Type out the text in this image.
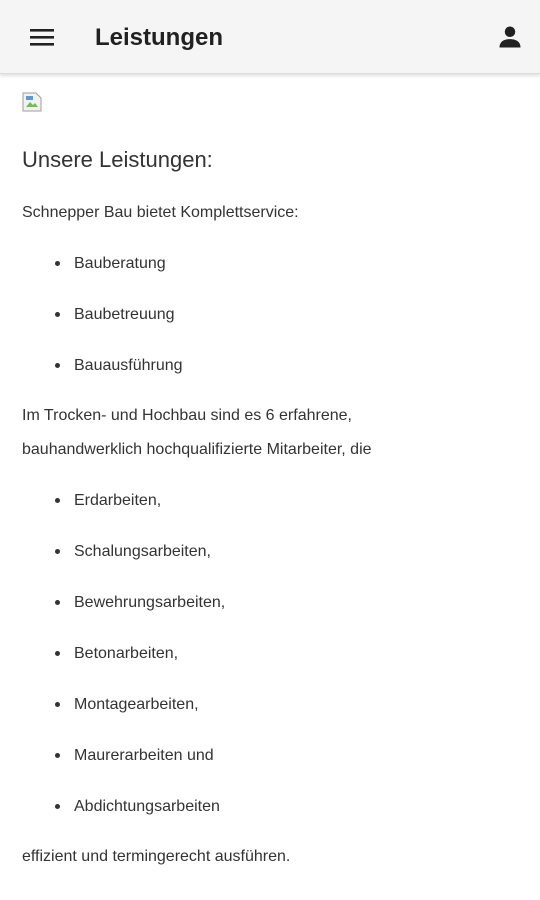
Leistungen
Unsere Leistungen:

Schnepper Bau bietet Komplettservice:

Bauberatung
Baubetreuung
Bauausführung

Im Trocken- und Hochbau sind es 6 erfahrene,

bauhandwerklich hochqualifizierte Mitarbeiter, die

Erdarbeiten,
Schalungsarbeiten,
Bewehrungsarbeiten,
Betonarbeiten,
Montagearbeiten,
Maurerarbeiten und
Abdichtungsarbeiten

effizient und termingerecht ausführen.
